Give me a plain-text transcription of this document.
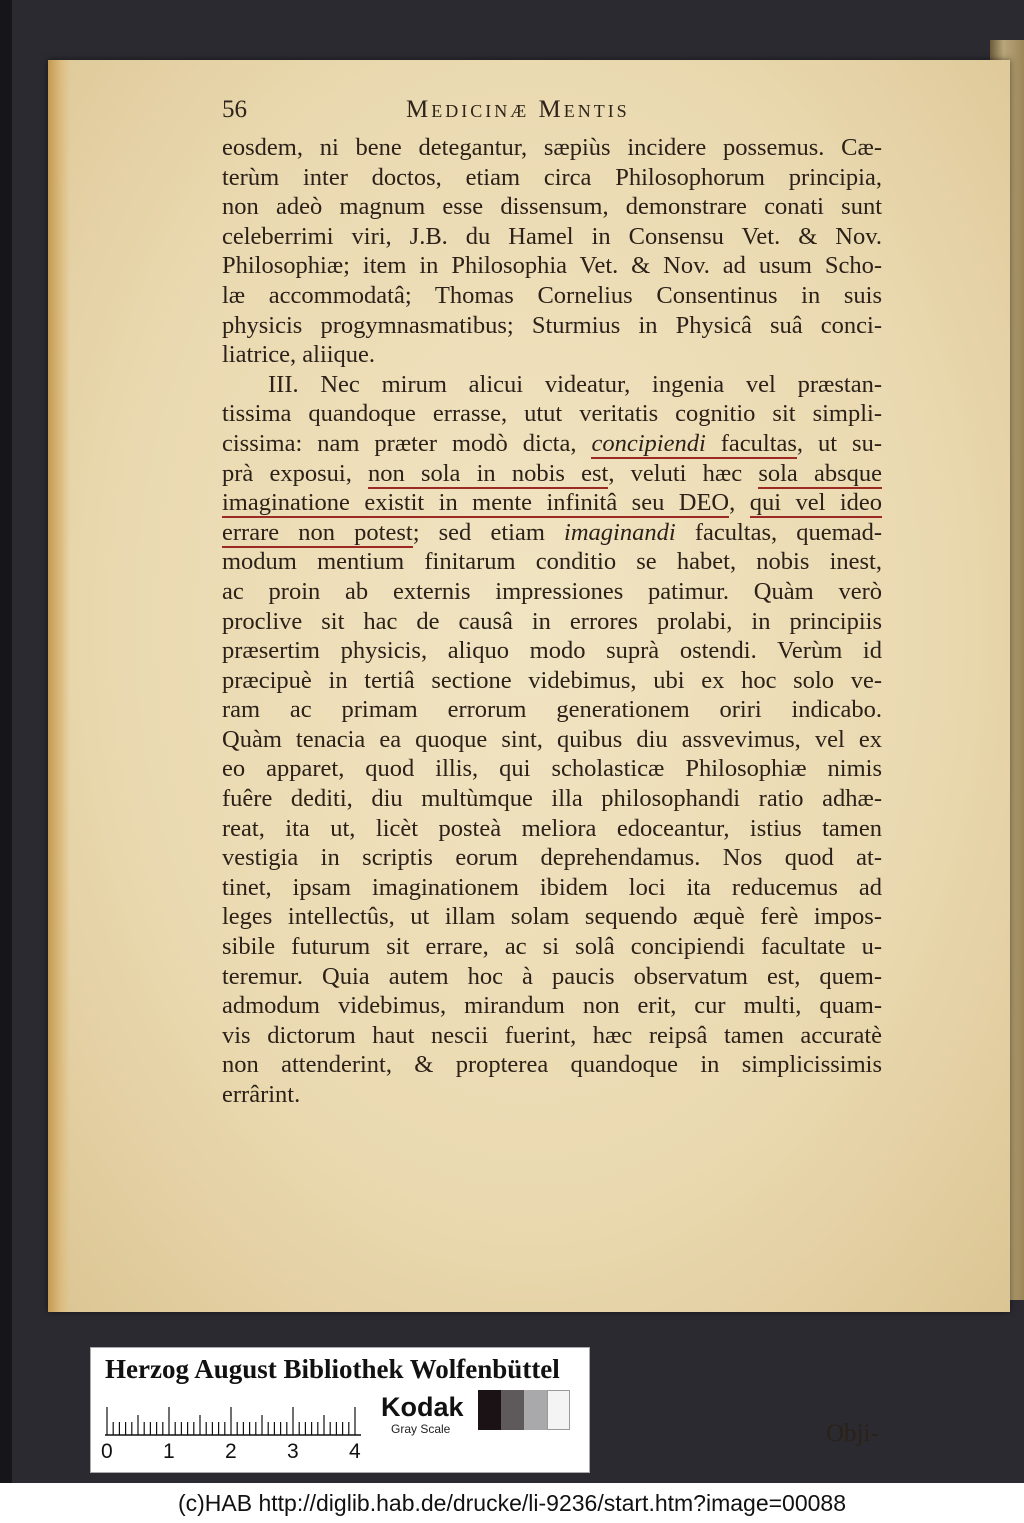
56	Medicinæ Mentis
eosdem, ni bene detegantur, sæpiùs incidere possemus. Cæ-
terùm inter doctos, etiam circa Philosophorum principia,
non adeò magnum esse dissensum, demonstrare conati sunt
celeberrimi viri, J.B. du Hamel in Consensu Vet. & Nov.
Philosophiæ; item in Philosophia Vet. & Nov. ad usum Scho-
læ accommodatâ; Thomas Cornelius Consentinus in suis
physicis progymnasmatibus; Sturmius in Physicâ suâ conci-
liatrice, aliique.
III. Nec mirum alicui videatur, ingenia vel præstan-
tissima quandoque errasse, utut veritatis cognitio sit simpli-
cissima: nam præter modò dicta, concipiendi facultas, ut su-
prà exposui, non sola in nobis est, veluti hæc sola absque
imaginatione existit in mente infinitâ seu DEO, qui vel ideo
errare non potest; sed etiam imaginandi facultas, quemad-
modum mentium finitarum conditio se habet, nobis inest,
ac proin ab externis impressiones patimur. Quàm verò
proclive sit hac de causâ in errores prolabi, in principiis
præsertim physicis, aliquo modo suprà ostendi. Verùm id
præcipuè in tertiâ sectione videbimus, ubi ex hoc solo ve-
ram ac primam errorum generationem oriri indicabo.
Quàm tenacia ea quoque sint, quibus diu assvevimus, vel ex
eo apparet, quod illis, qui scholasticæ Philosophiæ nimis
fuêre dediti, diu multùmque illa philosophandi ratio adhæ-
reat, ita ut, licèt posteà meliora edoceantur, istius tamen
vestigia in scriptis eorum deprehendamus. Nos quod at-
tinet, ipsam imaginationem ibidem loci ita reducemus ad
leges intellectûs, ut illam solam sequendo æquè ferè impos-
sibile futurum sit errare, ac si solâ concipiendi facultate u-
teremur. Quia autem hoc à paucis observatum est, quem-
admodum videbimus, mirandum non erit, cur multi, quam-
vis dictorum haut nescii fuerint, hæc reipsâ tamen accuratè
non attenderint, & propterea quandoque in simplicissimis
errârint.
Obji-
Herzog August Bibliothek Wolfenbüttel
0 1 2 3 4
Kodak
Gray Scale
(c)HAB http://diglib.hab.de/drucke/li-9236/start.htm?image=00088
